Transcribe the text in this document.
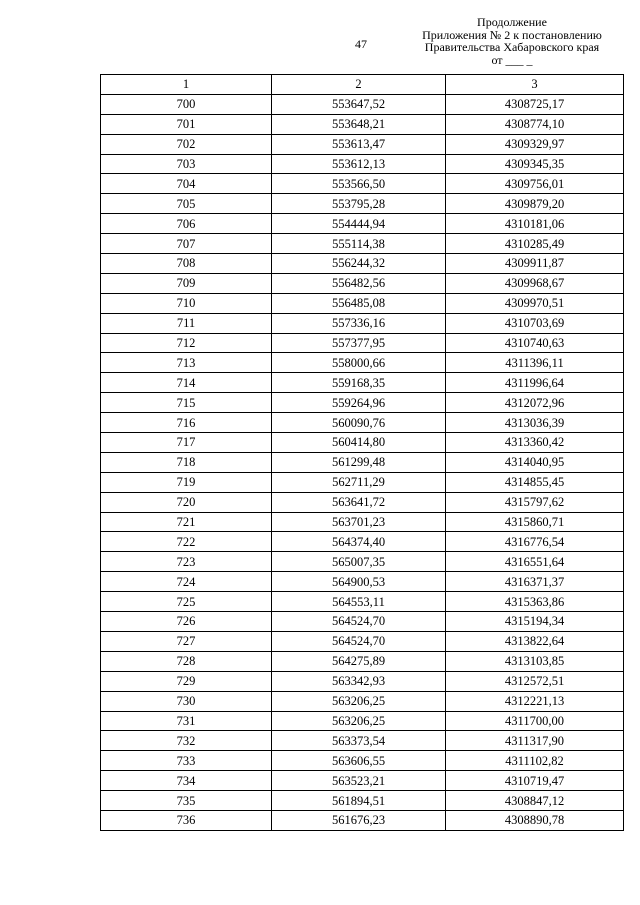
47
Продолжение
Приложения № 2 к постановлению
Правительства Хабаровского края
от ___ _
1	2	3
700	553647,52	4308725,17
701	553648,21	4308774,10
702	553613,47	4309329,97
703	553612,13	4309345,35
704	553566,50	4309756,01
705	553795,28	4309879,20
706	554444,94	4310181,06
707	555114,38	4310285,49
708	556244,32	4309911,87
709	556482,56	4309968,67
710	556485,08	4309970,51
711	557336,16	4310703,69
712	557377,95	4310740,63
713	558000,66	4311396,11
714	559168,35	4311996,64
715	559264,96	4312072,96
716	560090,76	4313036,39
717	560414,80	4313360,42
718	561299,48	4314040,95
719	562711,29	4314855,45
720	563641,72	4315797,62
721	563701,23	4315860,71
722	564374,40	4316776,54
723	565007,35	4316551,64
724	564900,53	4316371,37
725	564553,11	4315363,86
726	564524,70	4315194,34
727	564524,70	4313822,64
728	564275,89	4313103,85
729	563342,93	4312572,51
730	563206,25	4312221,13
731	563206,25	4311700,00
732	563373,54	4311317,90
733	563606,55	4311102,82
734	563523,21	4310719,47
735	561894,51	4308847,12
736	561676,23	4308890,78
